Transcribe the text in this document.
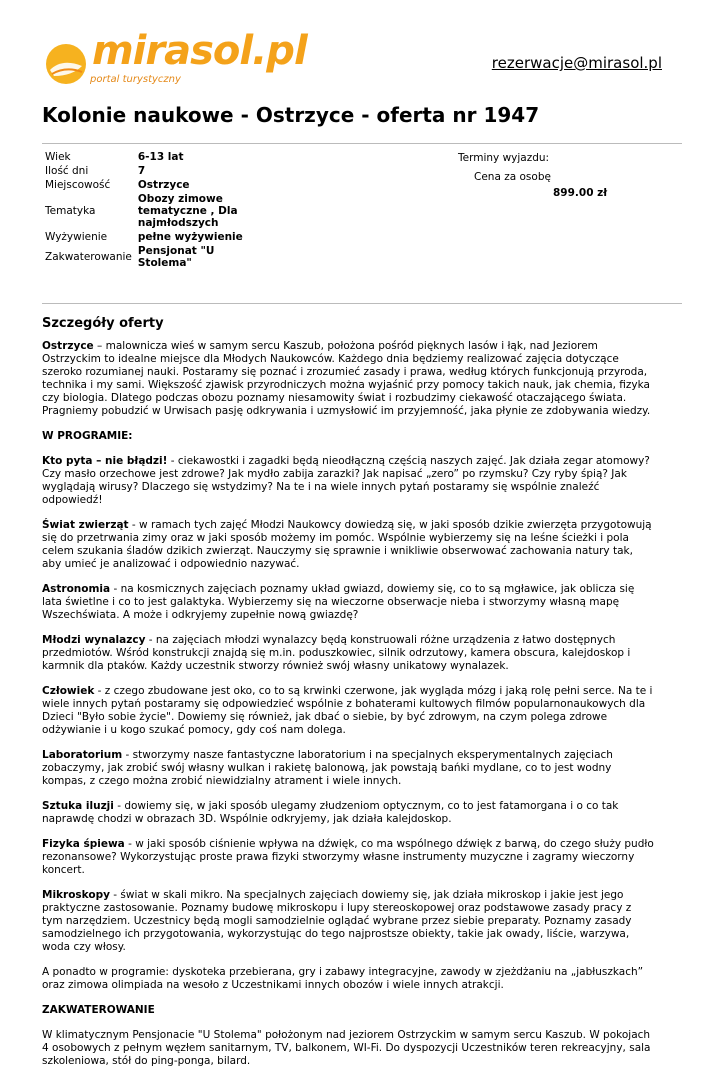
mirasol.pl
portal turystyczny
rezerwacje@mirasol.pl
Kolonie naukowe - Ostrzyce - oferta nr 1947
Wiek	6-13 lat
Ilość dni	7
Miejscowość	Ostrzyce
Tematyka	Obozy zimowe tematyczne , Dla najmłodszych
Wyżywienie	pełne wyżywienie
Zakwaterowanie	Pensjonat "U Stolema"
Terminy wyjazdu:
Cena za osobę
899.00 zł
Szczegóły oferty

Ostrzyce – malownicza wieś w samym sercu Kaszub, położona pośród pięknych lasów i łąk, nad Jeziorem Ostrzyckim to idealne miejsce dla Młodych Naukowców. Każdego dnia będziemy realizować zajęcia dotyczące szeroko rozumianej nauki. Postaramy się poznać i zrozumieć zasady i prawa, według których funkcjonują przyroda, technika i my sami. Większość zjawisk przyrodniczych można wyjaśnić przy pomocy takich nauk, jak chemia, fizyka czy biologia. Dlatego podczas obozu poznamy niesamowity świat i rozbudzimy ciekawość otaczającego świata. Pragniemy pobudzić w Urwisach pasję odkrywania i uzmysłowić im przyjemność, jaka płynie ze zdobywania wiedzy.

W PROGRAMIE:

Kto pyta – nie błądzi! - ciekawostki i zagadki będą nieodłączną częścią naszych zajęć. Jak działa zegar atomowy? Czy masło orzechowe jest zdrowe? Jak mydło zabija zarazki? Jak napisać „zero” po rzymsku? Czy ryby śpią? Jak wyglądają wirusy? Dlaczego się wstydzimy? Na te i na wiele innych pytań postaramy się wspólnie znaleźć odpowiedź!

Świat zwierząt - w ramach tych zajęć Młodzi Naukowcy dowiedzą się, w jaki sposób dzikie zwierzęta przygotowują się do przetrwania zimy oraz w jaki sposób możemy im pomóc. Wspólnie wybierzemy się na leśne ścieżki i pola celem szukania śladów dzikich zwierząt. Nauczymy się sprawnie i wnikliwie obserwować zachowania natury tak, aby umieć je analizować i odpowiednio nazywać.

Astronomia - na kosmicznych zajęciach poznamy układ gwiazd, dowiemy się, co to są mgławice, jak oblicza się lata świetlne i co to jest galaktyka. Wybierzemy się na wieczorne obserwacje nieba i stworzymy własną mapę Wszechświata. A może i odkryjemy zupełnie nową gwiazdę?

Młodzi wynalazcy - na zajęciach młodzi wynalazcy będą konstruowali różne urządzenia z łatwo dostępnych przedmiotów. Wśród konstrukcji znajdą się m.in. poduszkowiec, silnik odrzutowy, kamera obscura, kalejdoskop i karmnik dla ptaków. Każdy uczestnik stworzy również swój własny unikatowy wynalazek.

Człowiek - z czego zbudowane jest oko, co to są krwinki czerwone, jak wygląda mózg i jaką rolę pełni serce. Na te i wiele innych pytań postaramy się odpowiedzieć wspólnie z bohaterami kultowych filmów popularnonaukowych dla Dzieci "Było sobie życie". Dowiemy się również, jak dbać o siebie, by być zdrowym, na czym polega zdrowe odżywianie i u kogo szukać pomocy, gdy coś nam dolega.

Laboratorium - stworzymy nasze fantastyczne laboratorium i na specjalnych eksperymentalnych zajęciach zobaczymy, jak zrobić swój własny wulkan i rakietę balonową, jak powstają bańki mydlane, co to jest wodny kompas, z czego można zrobić niewidzialny atrament i wiele innych.

Sztuka iluzji - dowiemy się, w jaki sposób ulegamy złudzeniom optycznym, co to jest fatamorgana i o co tak naprawdę chodzi w obrazach 3D. Wspólnie odkryjemy, jak działa kalejdoskop.

Fizyka śpiewa - w jaki sposób ciśnienie wpływa na dźwięk, co ma wspólnego dźwięk z barwą, do czego służy pudło rezonansowe? Wykorzystując proste prawa fizyki stworzymy własne instrumenty muzyczne i zagramy wieczorny koncert.

Mikroskopy - świat w skali mikro. Na specjalnych zajęciach dowiemy się, jak działa mikroskop i jakie jest jego praktyczne zastosowanie. Poznamy budowę mikroskopu i lupy stereoskopowej oraz podstawowe zasady pracy z tym narzędziem. Uczestnicy będą mogli samodzielnie oglądać wybrane przez siebie preparaty. Poznamy zasady samodzielnego ich przygotowania, wykorzystując do tego najprostsze obiekty, takie jak owady, liście, warzywa, woda czy włosy.

A ponadto w programie: dyskoteka przebierana, gry i zabawy integracyjne, zawody w zjeżdżaniu na „jabłuszkach” oraz zimowa olimpiada na wesoło z Uczestnikami innych obozów i wiele innych atrakcji.

ZAKWATEROWANIE

W klimatycznym Pensjonacie "U Stolema" położonym nad jeziorem Ostrzyckim w samym sercu Kaszub. W pokojach 4 osobowych z pełnym węzłem sanitarnym, TV, balkonem, WI-Fi. Do dyspozycji Uczestników teren rekreacyjny, sala szkoleniowa, stół do ping-ponga, bilard.
